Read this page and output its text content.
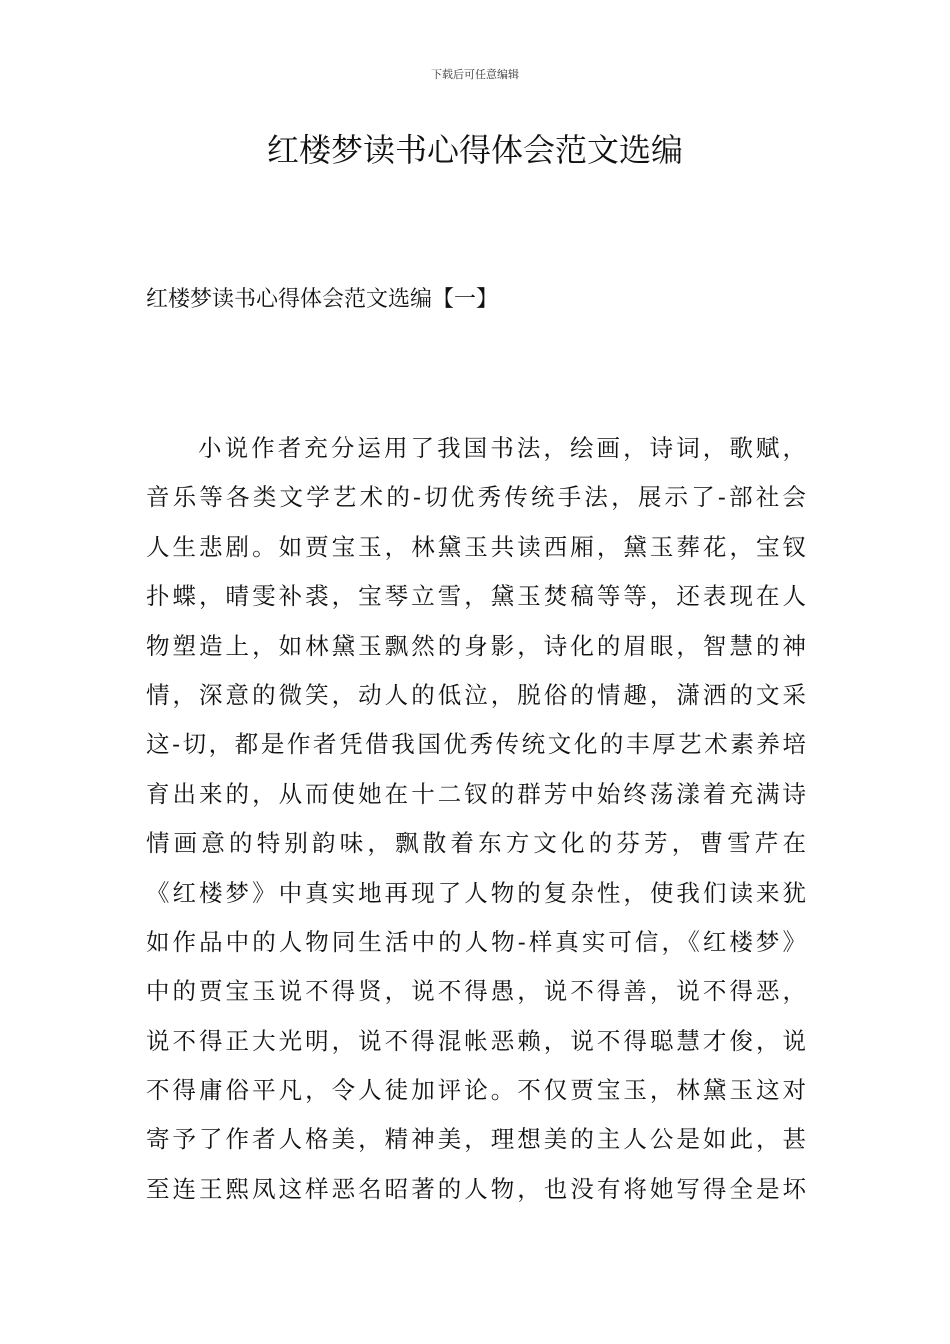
下载后可任意编辑
红楼梦读书心得体会范文选编
红楼梦读书心得体会范文选编【一】
小说作者充分运用了我国书法，绘画，诗词，歌赋，
音乐等各类文学艺术的-切优秀传统手法，展示了-部社会
人生悲剧。如贾宝玉，林黛玉共读西厢，黛玉葬花，宝钗
扑蝶，晴雯补裘，宝琴立雪，黛玉焚稿等等，还表现在人
物塑造上，如林黛玉飘然的身影，诗化的眉眼，智慧的神
情，深意的微笑，动人的低泣，脱俗的情趣，潇洒的文采
这-切，都是作者凭借我国优秀传统文化的丰厚艺术素养培
育出来的，从而使她在十二钗的群芳中始终荡漾着充满诗
情画意的特别韵味，飘散着东方文化的芬芳，曹雪芹在
《红楼梦》中真实地再现了人物的复杂性，使我们读来犹
如作品中的人物同生活中的人物-样真实可信，《红楼梦》
中的贾宝玉说不得贤，说不得愚，说不得善，说不得恶，
说不得正大光明，说不得混帐恶赖，说不得聪慧才俊，说
不得庸俗平凡，令人徒加评论。不仅贾宝玉，林黛玉这对
寄予了作者人格美，精神美，理想美的主人公是如此，甚
至连王熙凤这样恶名昭著的人物，也没有将她写得全是坏
